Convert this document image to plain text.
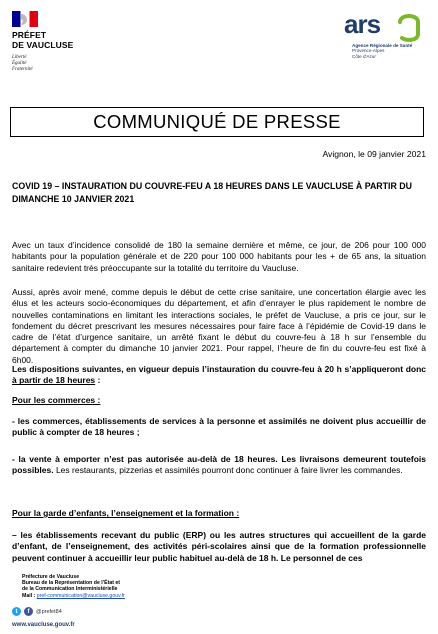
PRÉFET
DE VAUCLUSE
Liberté
Égalité
Fraternité
ars
Agence Régionale de Santé
Provence-Alpes
Côte d'Azur
COMMUNIQUÉ DE PRESSE
Avignon, le 09 janvier 2021
COVID 19 – INSTAURATION DU COUVRE-FEU A 18 HEURES DANS LE VAUCLUSE À PARTIR DU DIMANCHE 10 JANVIER 2021
Avec un taux d’incidence consolidé de 180 la semaine dernière et même, ce jour, de 206 pour 100 000 habitants pour la population générale et de 220 pour 100 000 habitants pour les + de 65 ans, la situation sanitaire redevient très préoccupante sur la totalité du territoire du Vaucluse.
Aussi, après avoir mené, comme depuis le début de cette crise sanitaire, une concertation élargie avec les élus et les acteurs socio-économiques du département, et afin d’enrayer le plus rapidement le nombre de nouvelles contaminations en limitant les interactions sociales, le préfet de Vaucluse, a pris ce jour, sur le fondement du décret prescrivant les mesures nécessaires pour faire face à l’épidémie de Covid-19 dans le cadre de l’état d’urgence sanitaire, un arrêté fixant le début du couvre-feu à 18 h sur l’ensemble du département à compter du dimanche 10 janvier 2021. Pour rappel, l’heure de fin du couvre-feu est fixé à 6h00.
Les dispositions suivantes, en vigueur depuis l’instauration du couvre-feu à 20 h s’appliqueront donc à partir de 18 heures :
Pour les commerces :
- les commerces, établissements de services à la personne et assimilés ne doivent plus accueillir de public à compter de 18 heures ;
- la vente à emporter n’est pas autorisée au-delà de 18 heures. Les livraisons demeurent toutefois possibles. Les restaurants, pizzerias et assimilés pourront donc continuer à faire livrer les commandes.
Pour la garde d’enfants, l’enseignement et la formation :
– les établissements recevant du public (ERP) ou les autres structures qui accueillent de la garde d’enfant, de l’enseignement, des activités péri-scolaires ainsi que de la formation professionnelle peuvent continuer à accueillir leur public habituel au-delà de 18 h. Le personnel de ces
Préfecture de Vaucluse
Bureau de la Représentation de l’État et
de la Communication Interministérielle
Mail : pref-communication@vaucluse.gouv.fr
t	f	@prefet84
www.vaucluse.gouv.fr
